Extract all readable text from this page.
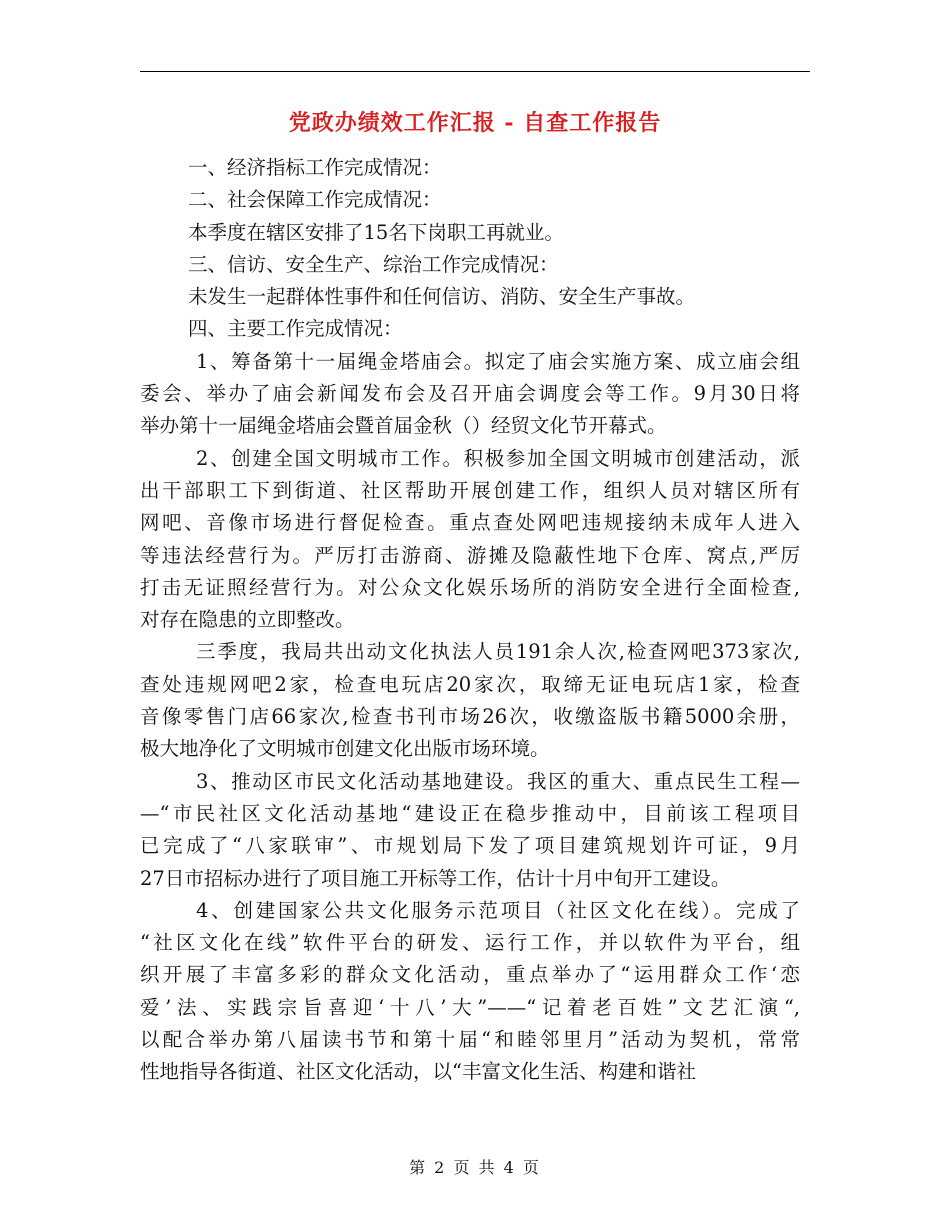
党政办绩效工作汇报 - 自查工作报告
一、经济指标工作完成情况：
二、社会保障工作完成情况：
本季度在辖区安排了15名下岗职工再就业。
三、信访、安全生产、综治工作完成情况：
未发生一起群体性事件和任何信访、消防、安全生产事故。
四、主要工作完成情况：
1、筹备第十一届绳金塔庙会。拟定了庙会实施方案、成立庙会组
委会、举办了庙会新闻发布会及召开庙会调度会等工作。9月30日将
举办第十一届绳金塔庙会暨首届金秋（）经贸文化节开幕式。
2、创建全国文明城市工作。积极参加全国文明城市创建活动，派
出干部职工下到街道、社区帮助开展创建工作，组织人员对辖区所有
网吧、音像市场进行督促检查。重点查处网吧违规接纳未成年人进入
等违法经营行为。严厉打击游商、游摊及隐蔽性地下仓库、窝点,严厉
打击无证照经营行为。对公众文化娱乐场所的消防安全进行全面检查,
对存在隐患的立即整改。
三季度，我局共出动文化执法人员191余人次,检查网吧373家次,
查处违规网吧2家，检查电玩店20家次，取缔无证电玩店1家，检查
音像零售门店66家次,检查书刊市场26次，收缴盗版书籍5000余册，
极大地净化了文明城市创建文化出版市场环境。
3、推动区市民文化活动基地建设。我区的重大、重点民生工程—
—“市民社区文化活动基地“建设正在稳步推动中，目前该工程项目
已完成了“八家联审”、市规划局下发了项目建筑规划许可证，9月
27日市招标办进行了项目施工开标等工作，估计十月中旬开工建设。
4、创建国家公共文化服务示范项目（社区文化在线）。完成了
“社区文化在线”软件平台的研发、运行工作，并以软件为平台，组
织开展了丰富多彩的群众文化活动，重点举办了“运用群众工作‘恋
爱’法、实践宗旨喜迎‘十八’大”——“记着老百姓”文艺汇演“,
以配合举办第八届读书节和第十届“和睦邻里月”活动为契机，常常
性地指导各街道、社区文化活动，以“丰富文化生活、构建和谐社
第 2 页 共 4 页
